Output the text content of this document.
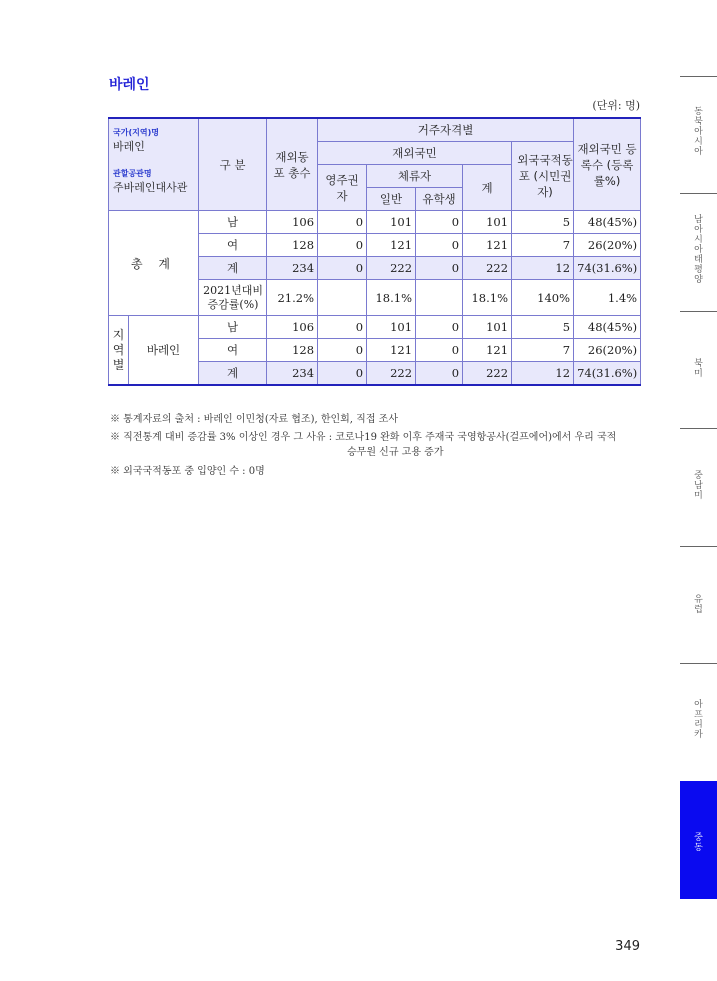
바레인
(단위: 명)
국가(지역)명
바레인
관할공관명
주바레인대사관		구 분	재외동포 총수	거주자격별					재외국민 등록수 (등록률%)
				재외국민				외국국적동포 (시민권자)	
				영주권자	체류자		계		
					일반	유학생			
총 계		남	106	0	101	0	101	5	48(45%)
		여	128	0	121	0	121	7	26(20%)
		계	234	0	222	0	222	12	74(31.6%)
		2021년대비 증감률(%)	21.2%		18.1%		18.1%	140%	1.4%
지 역 별	바레인	남	106	0	101	0	101	5	48(45%)
		여	128	0	121	0	121	7	26(20%)
		계	234	0	222	0	222	12	74(31.6%)
※ 통계자료의 출처 : 바레인 이민청(자료 협조), 한인회, 직접 조사
※ 직전통계 대비 증감률 3% 이상인 경우 그 사유 : 코로나19 완화 이후 주재국 국영항공사(걸프에어)에서 우리 국적
승무원 신규 고용 증가
※ 외국국적동포 중 입양인 수 : 0명
동북아시아
남아시아태평양
북미
중남미
유럽
아프리카
중동
349
